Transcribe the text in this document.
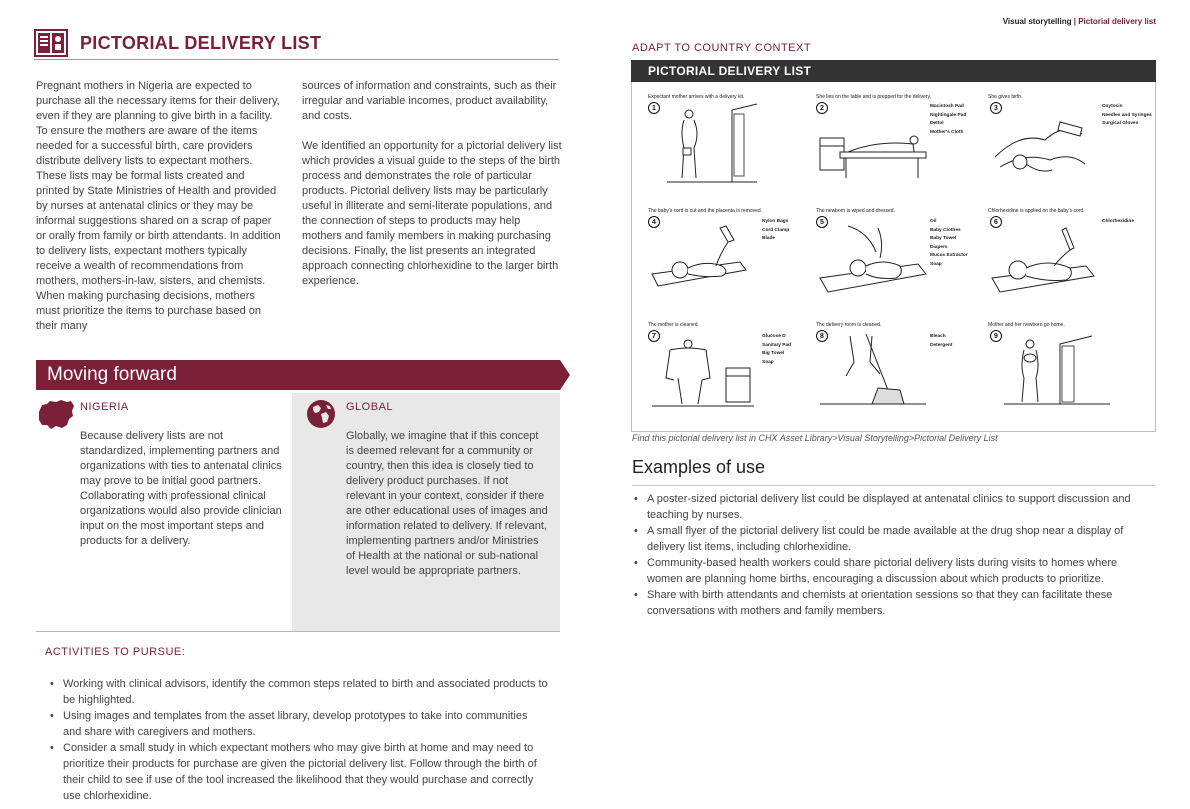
Visual storytelling | Pictorial delivery list
PICTORIAL DELIVERY LIST
Pregnant mothers in Nigeria are expected to purchase all the necessary items for their delivery, even if they are planning to give birth in a facility. To ensure the mothers are aware of the items needed for a successful birth, care providers distribute delivery lists to expectant mothers. These lists may be formal lists created and printed by State Ministries of Health and provided by nurses at antenatal clinics or they may be informal suggestions shared on a scrap of paper or orally from family or birth attendants. In addition to delivery lists, expectant mothers typically receive a wealth of recommendations from mothers, mothers-in-law, sisters, and chemists. When making purchasing decisions, mothers must prioritize the items to purchase based on their many
sources of information and constraints, such as their irregular and variable incomes, product availability, and costs.
We identified an opportunity for a pictorial delivery list which provides a visual guide to the steps of the birth process and demonstrates the role of particular products. Pictorial delivery lists may be particularly useful in illiterate and semi-literate populations, and the connection of steps to products may help mothers and family members in making purchasing decisions. Finally, the list presents an integrated approach connecting chlorhexidine to the larger birth experience.
Moving forward
NIGERIA
Because delivery lists are not standardized, implementing partners and organizations with ties to antenatal clinics may prove to be initial good partners. Collaborating with professional clinical organizations would also provide clinician input on the most important steps and products for a delivery.
GLOBAL
Globally, we imagine that if this concept is deemed relevant for a community or country, then this idea is closely tied to delivery product purchases. If not relevant in your context, consider if there are other educational uses of images and information related to delivery. If relevant, implementing partners and/or Ministries of Health at the national or sub-national level would be appropriate partners.
ACTIVITIES TO PURSUE:
• Working with clinical advisors, identify the common steps related to birth and associated products to be highlighted.
• Using images and templates from the asset library, develop prototypes to take into communities and share with caregivers and mothers.
• Consider a small study in which expectant mothers who may give birth at home and may need to prioritize their products for purchase are given the pictorial delivery list. Follow through the birth of their child to see if use of the tool increased the likelihood that they would purchase and correctly use chlorhexidine.
ADAPT TO COUNTRY CONTEXT
PICTORIAL DELIVERY LIST
Expectant mother arrives with a delivery kit.
1
She lies on the table and is prepped for the delivery.
2	Macintosh Pad
Nightingale Pad
Dettol
Mother's Cloth
She gives birth.
3	Oxytocin
Needles and Syringes
Surgical Gloves
The baby's cord is cut and the placenta is removed.
4	Nylon Bags
Cord Clamp
Blade
The newborn is wiped and dressed.
5	Oil
Baby Clothes
Baby Towel
Diapers
Mucus Extractor
Soap
Chlorhexidine is applied on the baby's cord.
6	Chlorhexidine
The mother is cleaned.
7	Glucose D
Sanitary Pad
Big Towel
Soap
The delivery room is cleaned.
8	Bleach
Detergent
Mother and her newborn go home.
9
Find this pictorial delivery list in CHX Asset Library>Visual Storytelling>Pictorial Delivery List
Examples of use
• A poster-sized pictorial delivery list could be displayed at antenatal clinics to support discussion and teaching by nurses.
• A small flyer of the pictorial delivery list could be made available at the drug shop near a display of delivery list items, including chlorhexidine.
• Community-based health workers could share pictorial delivery lists during visits to homes where women are planning home births, encouraging a discussion about which products to prioritize.
• Share with birth attendants and chemists at orientation sessions so that they can facilitate these conversations with mothers and family members.
